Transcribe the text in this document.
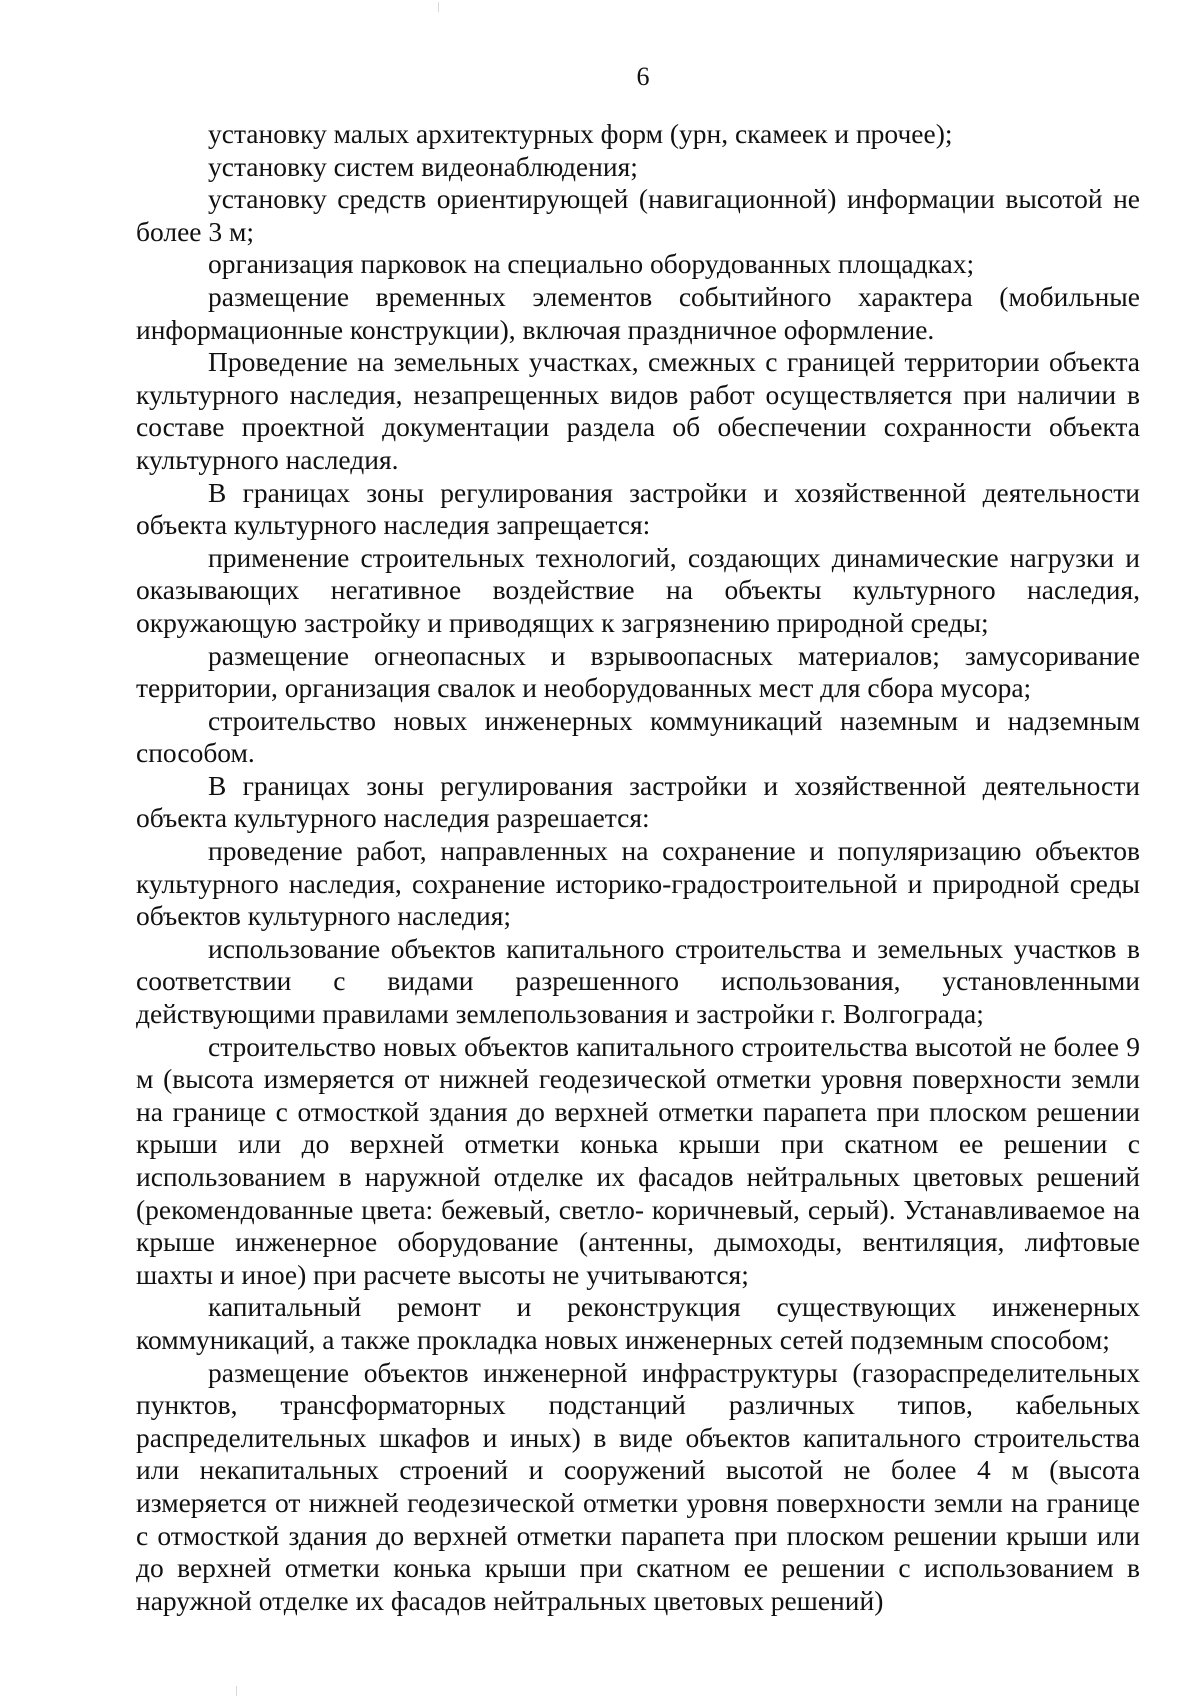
6

установку малых архитектурных форм (урн, скамеек и прочее);

установку систем видеонаблюдения;

установку средств ориентирующей (навигационной) информации высотой не более 3 м;

организация парковок на специально оборудованных площадках;

размещение временных элементов событийного характера (мобильные информационные конструкции), включая праздничное оформление.

Проведение на земельных участках, смежных с границей территории объекта культурного наследия, незапрещенных видов работ осуществляется при наличии в составе проектной документации раздела об обеспечении сохранности объекта культурного наследия.

В границах зоны регулирования застройки и хозяйственной деятельности объекта культурного наследия запрещается:

применение строительных технологий, создающих динамические нагрузки и оказывающих негативное воздействие на объекты культурного наследия, окружающую застройку и приводящих к загрязнению природной среды;

размещение огнеопасных и взрывоопасных материалов; замусоривание территории, организация свалок и необорудованных мест для сбора мусора;

строительство новых инженерных коммуникаций наземным и надземным способом.

В границах зоны регулирования застройки и хозяйственной деятельности объекта культурного наследия разрешается:

проведение работ, направленных на сохранение и популяризацию объектов культурного наследия, сохранение историко-градостроительной и природной среды объектов культурного наследия;

использование объектов капитального строительства и земельных участков в соответствии с видами разрешенного использования, установленными действующими правилами землепользования и застройки г. Волгограда;

строительство новых объектов капитального строительства высотой не более 9 м (высота измеряется от нижней геодезической отметки уровня поверхности земли на границе с отмосткой здания до верхней отметки парапета при плоском решении крыши или до верхней отметки конька крыши при скатном ее решении с использованием в наружной отделке их фасадов нейтральных цветовых решений (рекомендованные цвета: бежевый, светло- коричневый, серый). Устанавливаемое на крыше инженерное оборудование (антенны, дымоходы, вентиляция, лифтовые шахты и иное) при расчете высоты не учитываются;

капитальный ремонт и реконструкция существующих инженерных коммуникаций, а также прокладка новых инженерных сетей подземным способом;

размещение объектов инженерной инфраструктуры (газораспределительных пунктов, трансформаторных подстанций различных типов, кабельных распределительных шкафов и иных) в виде объектов капитального строительства или некапитальных строений и сооружений высотой не более 4 м (высота измеряется от нижней геодезической отметки уровня поверхности земли на границе с отмосткой здания до верхней отметки парапета при плоском решении крыши или до верхней отметки конька крыши при скатном ее решении с использованием в наружной отделке их фасадов нейтральных цветовых решений)
